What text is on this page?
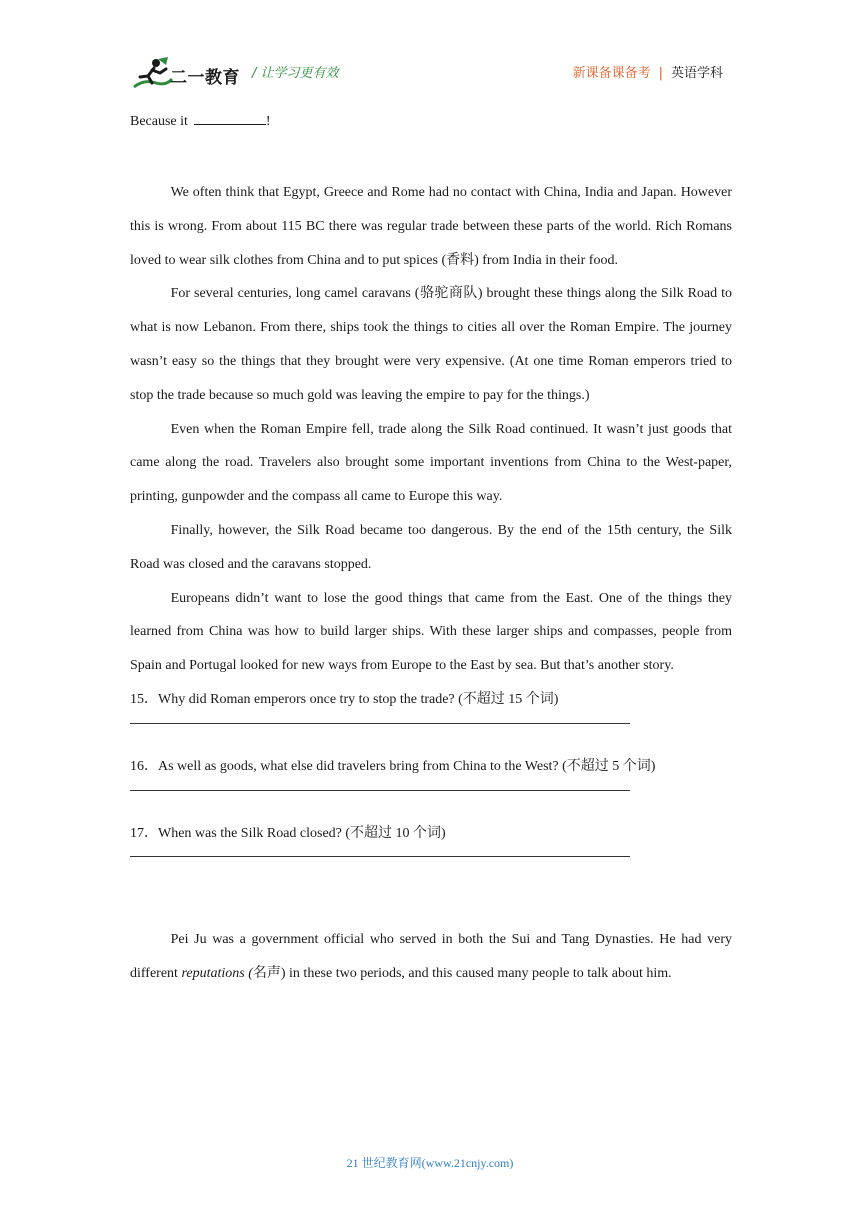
二一教育 / 让学习更有效	新课备课备考 | 英语学科

Because it	!

We often think that Egypt, Greece and Rome had no contact with China, India and Japan. However this is wrong. From about 115 BC there was regular trade between these parts of the world. Rich Romans loved to wear silk clothes from China and to put spices (香料) from India in their food.

For several centuries, long camel caravans (骆驼商队) brought these things along the Silk Road to what is now Lebanon. From there, ships took the things to cities all over the Roman Empire. The journey wasn’t easy so the things that they brought were very expensive. (At one time Roman emperors tried to stop the trade because so much gold was leaving the empire to pay for the things.)

Even when the Roman Empire fell, trade along the Silk Road continued. It wasn’t just goods that came along the road. Travelers also brought some important inventions from China to the West-paper, printing, gunpowder and the compass all came to Europe this way.

Finally, however, the Silk Road became too dangerous. By the end of the 15th century, the Silk Road was closed and the caravans stopped.

Europeans didn’t want to lose the good things that came from the East. One of the things they learned from China was how to build larger ships. With these larger ships and compasses, people from Spain and Portugal looked for new ways from Europe to the East by sea. But that’s another story.

15．Why did Roman emperors once try to stop the trade? (不超过 15 个词)

16．As well as goods, what else did travelers bring from China to the West? (不超过 5 个词)

17．When was the Silk Road closed? (不超过 10 个词)

Pei Ju was a government official who served in both the Sui and Tang Dynasties. He had very different reputations (名声) in these two periods, and this caused many people to talk about him.

21 世纪教育网(www.21cnjy.com)
